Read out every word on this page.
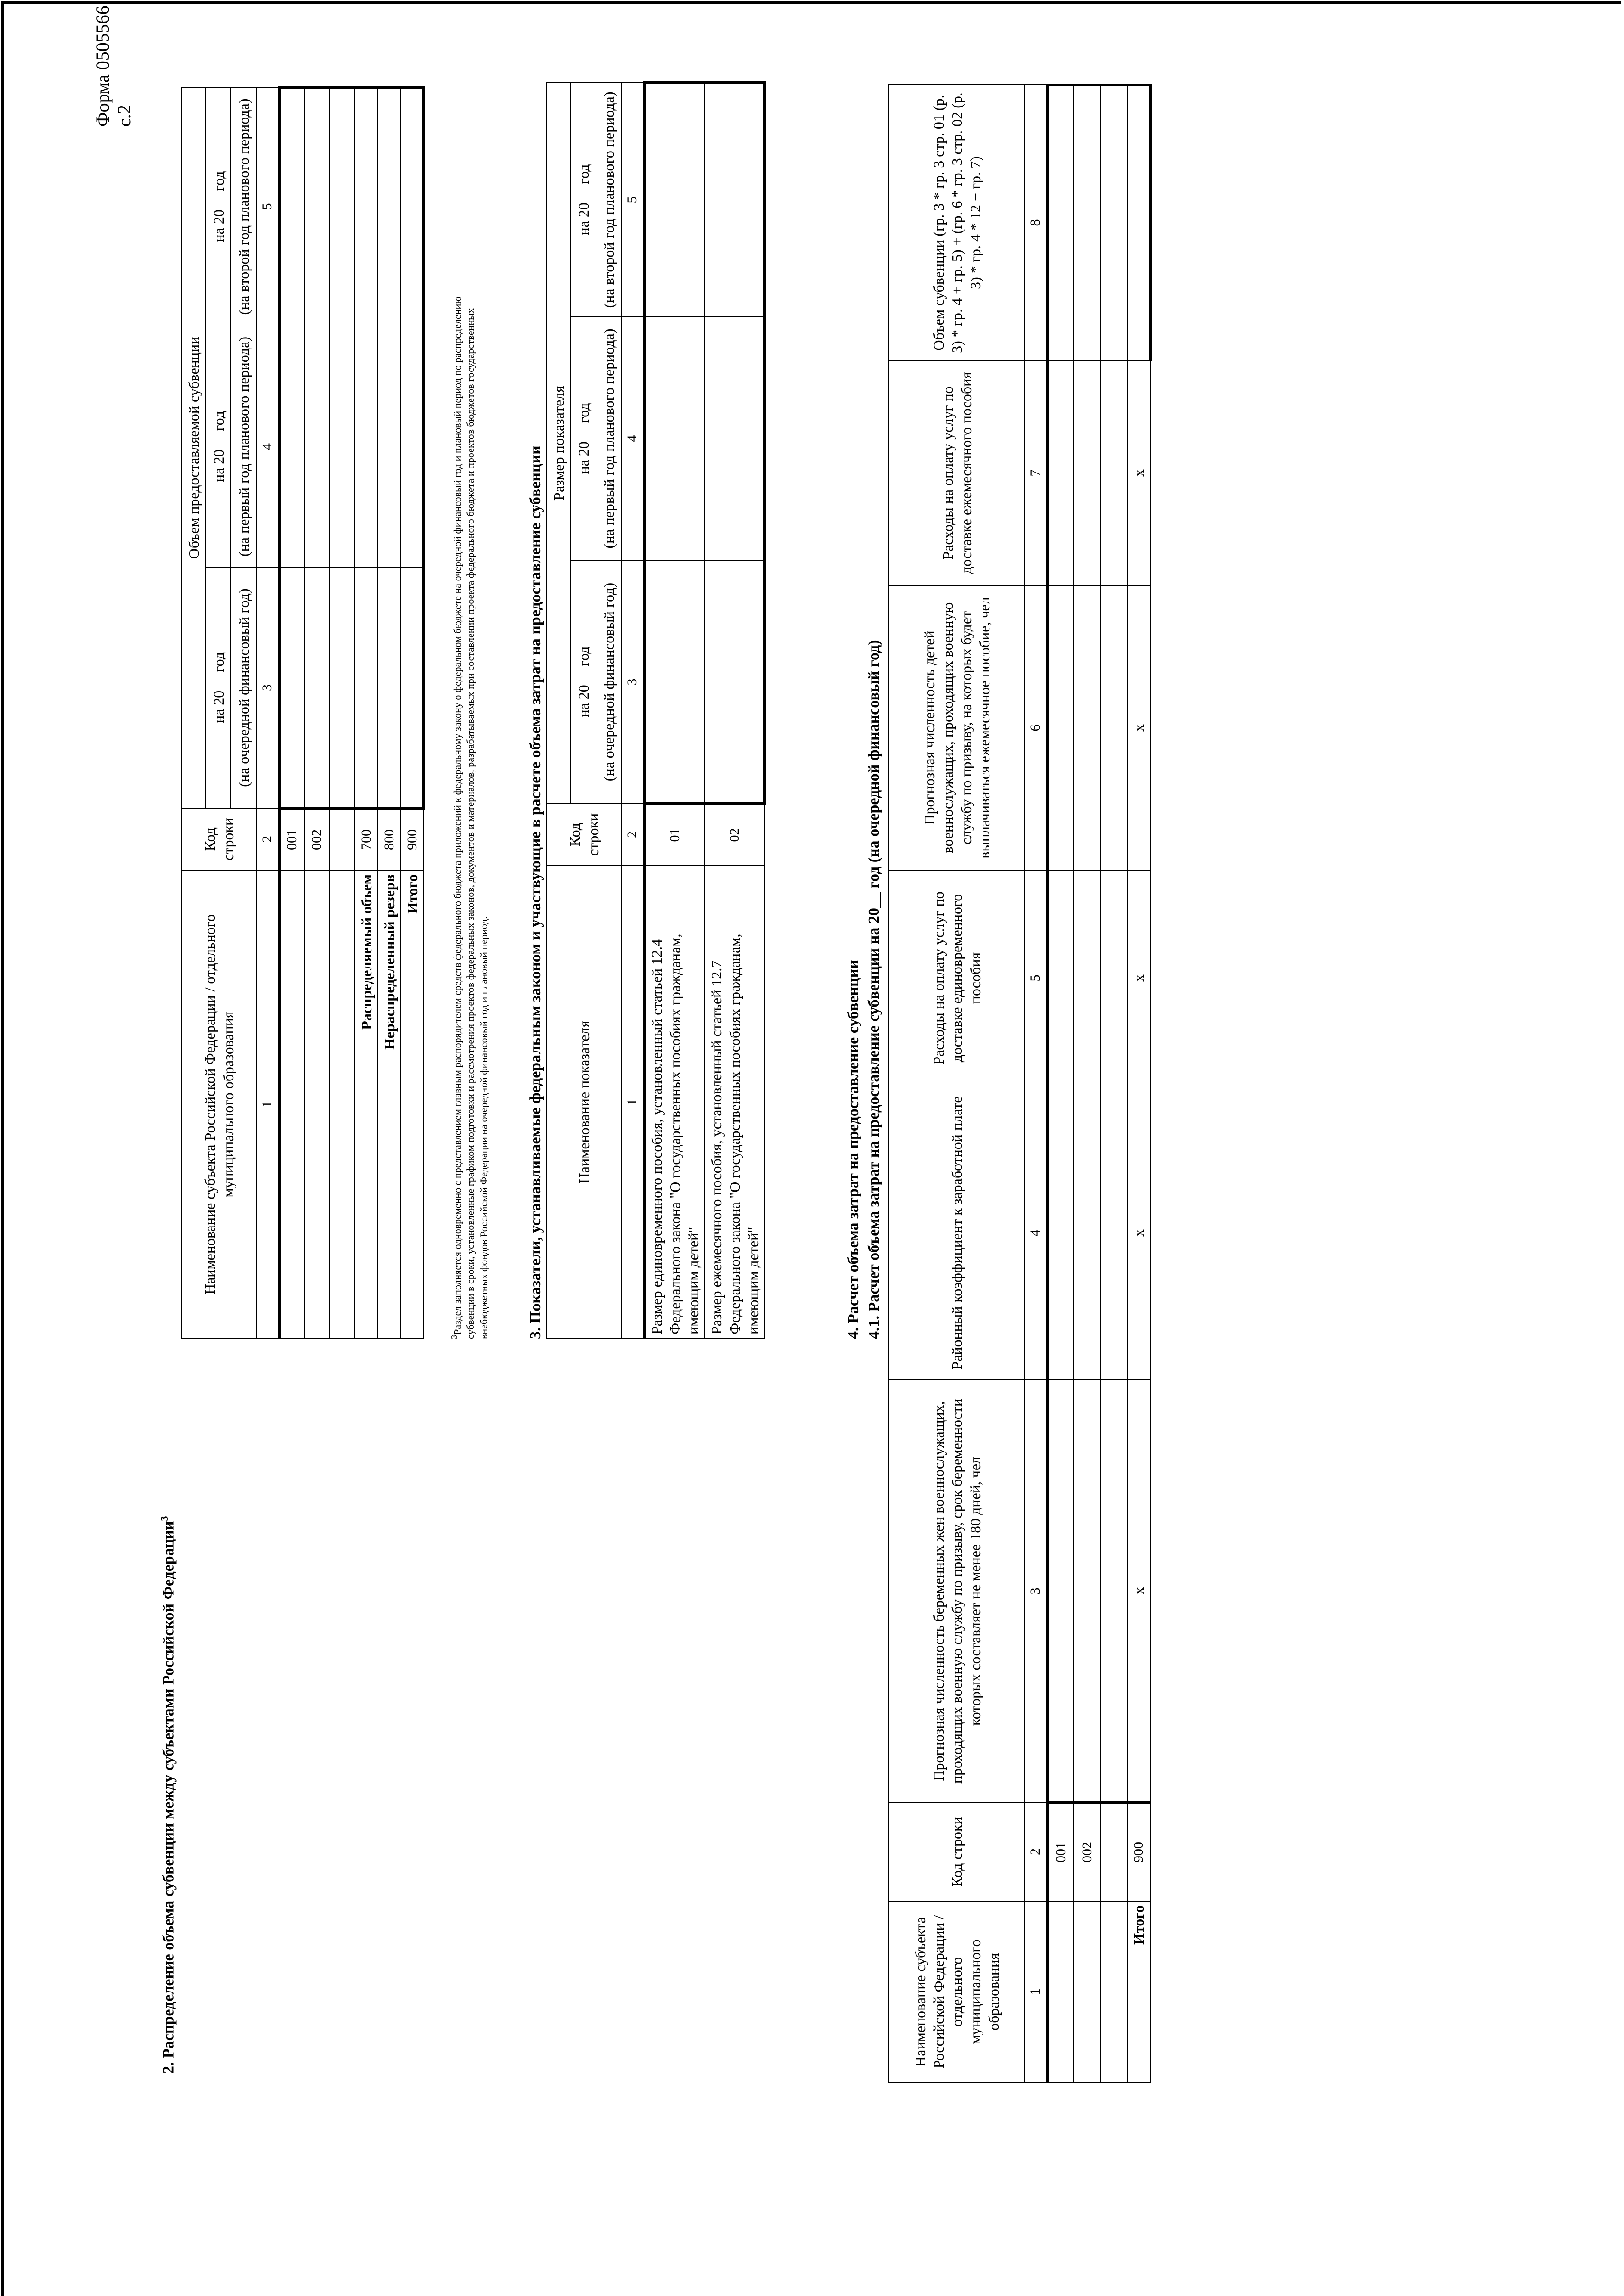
Форма 0505566 с.2
2. Распределение объема субвенции между субъектами Российской Федерации$^3$
Наименование субъекта Российской Федерации / отдельного муниципального образования	Код строки	Объем предоставляемой субвенции		
		на 20__ год	на 20__ год	на 20__ год
		(на очередной финансовый год)	(на первый год планового периода)	(на второй год планового периода)
1	2	3	4	5
	001			
	002			

Распределяемый объем	700			
Нераспределенный резерв	800			
Итого	900			
$^3$Раздел заполняется одновременно с представлением главным распорядителем средств федерального бюджета приложений к федеральному закону о федеральном бюджете на очередной финансовый год и плановый период по распределению субвенции в сроки, установленные графиком подготовки и рассмотрения проектов федеральных законов, документов и материалов, разрабатываемых при составлении проекта федерального бюджета и проектов бюджетов государственных внебюджетных фондов Российской Федерации на очередной финансовый год и плановый период. 3. Показатели, устанавливаемые федеральным законом и участвующие в расчете объема затрат на предоставление субвенции Наименование показателя	Код строки	Размер показателя		
		на 20__ год	на 20__ год	на 20__ год
		(на очередной финансовый год)	(на первый год планового периода)	(на второй год планового периода)
1	2	3	4	5
Размер единовременного пособия, установленный статьей 12.4 Федерального закона "О государственных пособиях гражданам, имеющим детей"	01			
Размер ежемесячного пособия, установленный статьей 12.7 Федерального закона "О государственных пособиях гражданам, имеющим детей"	02			
4. Расчет объема затрат на предоставление субвенции 4.1. Расчет объема затрат на предоставление субвенции на 20__ год (на очередной финансовый год)
Наименование субъекта Российской Федерации / отдельного муниципального образования	Код строки	Прогнозная численность беременных жен военнослужащих, проходящих военную службу по призыву, срок беременности которых составляет не менее 180 дней, чел	Районный коэффициент к заработной плате	Расходы на оплату услуг по доставке единовременного пособия	Прогнозная численность детей военнослужащих, проходящих военную службу по призыву, на которых будет выплачиваться ежемесячное пособие, чел	Расходы на оплату услуг по доставке ежемесячного пособия	Объем субвенции (гр. 3 * гр. 3 стр. 01 (р. 3) * гр. 4 + гр. 5) + (гр. 6 * гр. 3 стр. 02 (р. 3) * гр. 4 * 12 + гр. 7)
1	2	3	4	5	6	7	8
	001						
	002						

Итого	900	x	x	x	x	x	
